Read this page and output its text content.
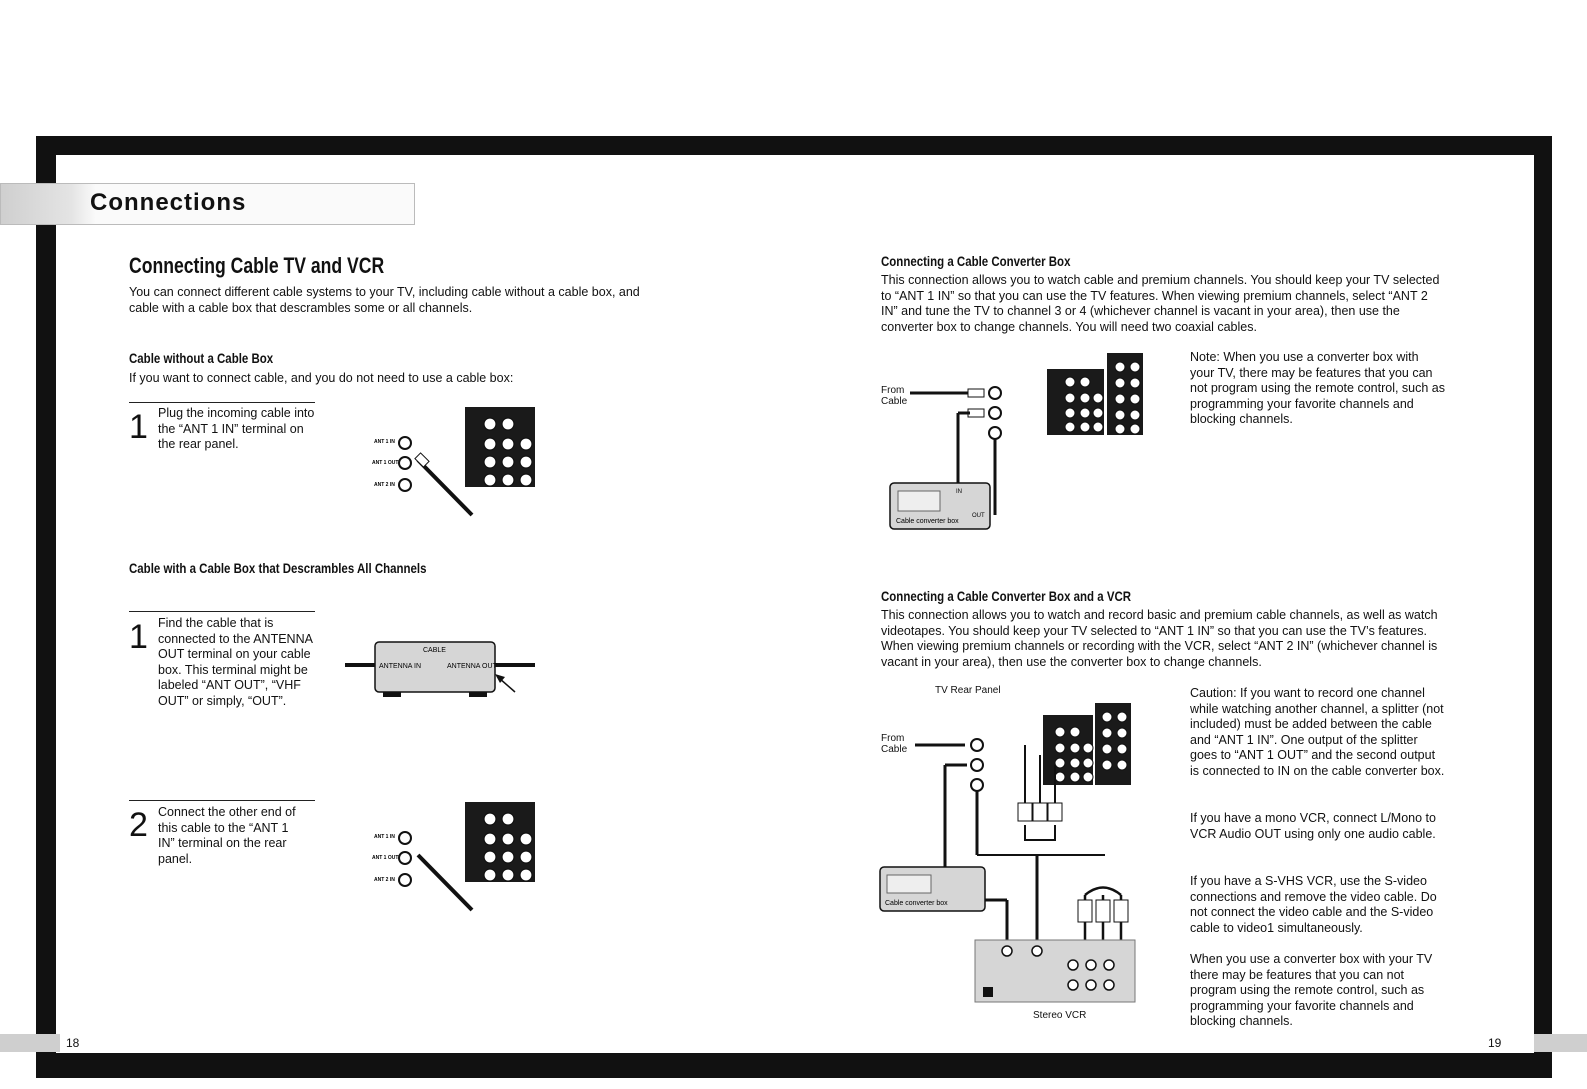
18	19
Connections
Connecting Cable TV and VCR
You can connect different cable systems to your TV, including cable without a cable box, and cable with a cable box that descrambles some or all channels.
Cable without a Cable Box
If you want to connect cable, and you do not need to use a cable box:
1 Plug the incoming cable into the “ANT 1 IN” terminal on the rear panel.	ANT 1 IN
ANT 1 OUT
ANT 2 IN
Cable with a Cable Box that Descrambles All Channels
1 Find the cable that is connected to the ANTENNA OUT terminal on your cable box. This terminal might be labeled “ANT OUT”, “VHF OUT” or simply, “OUT”.
CABLE
ANTENNA IN	ANTENNA OUT
2 Connect the other end of this cable to the “ANT 1 IN” terminal on the rear panel.
ANT 1 IN
ANT 1 OUT
ANT 2 IN
Connecting a Cable Converter Box
This connection allows you to watch cable and premium channels. You should keep your TV selected to “ANT 1 IN” so that you can use the TV features. When viewing premium channels, select “ANT 2 IN” and tune the TV to channel 3 or 4 (whichever channel is vacant in your area), then use the converter box to change channels. You will need two coaxial cables.
From Cable
IN
OUT
Cable converter box
Note: When you use a converter box with your TV, there may be features that you can not program using the remote control, such as programming your favorite channels and blocking channels.
Connecting a Cable Converter Box and a VCR
This connection allows you to watch and record basic and premium cable channels, as well as watch videotapes. You should keep your TV selected to “ANT 1 IN” so that you can use the TV’s features. When viewing premium channels or recording with the VCR, select “ANT 2 IN” (whichever channel is vacant in your area), then use the converter box to change channels.
TV Rear Panel
From Cable
Stereo VCR
Cable converter box
Caution: If you want to record one channel while watching another channel, a splitter (not included) must be added between the cable and “ANT 1 IN”. One output of the splitter goes to “ANT 1 OUT” and the second output is connected to IN on the cable converter box.
If you have a mono VCR, connect L/Mono to VCR Audio OUT using only one audio cable.
If you have a S-VHS VCR, use the S-video connections and remove the video cable. Do not connect the video cable and the S-video cable to video1 simultaneously.
When you use a converter box with your TV there may be features that you can not program using the remote control, such as programming your favorite channels and blocking channels.
